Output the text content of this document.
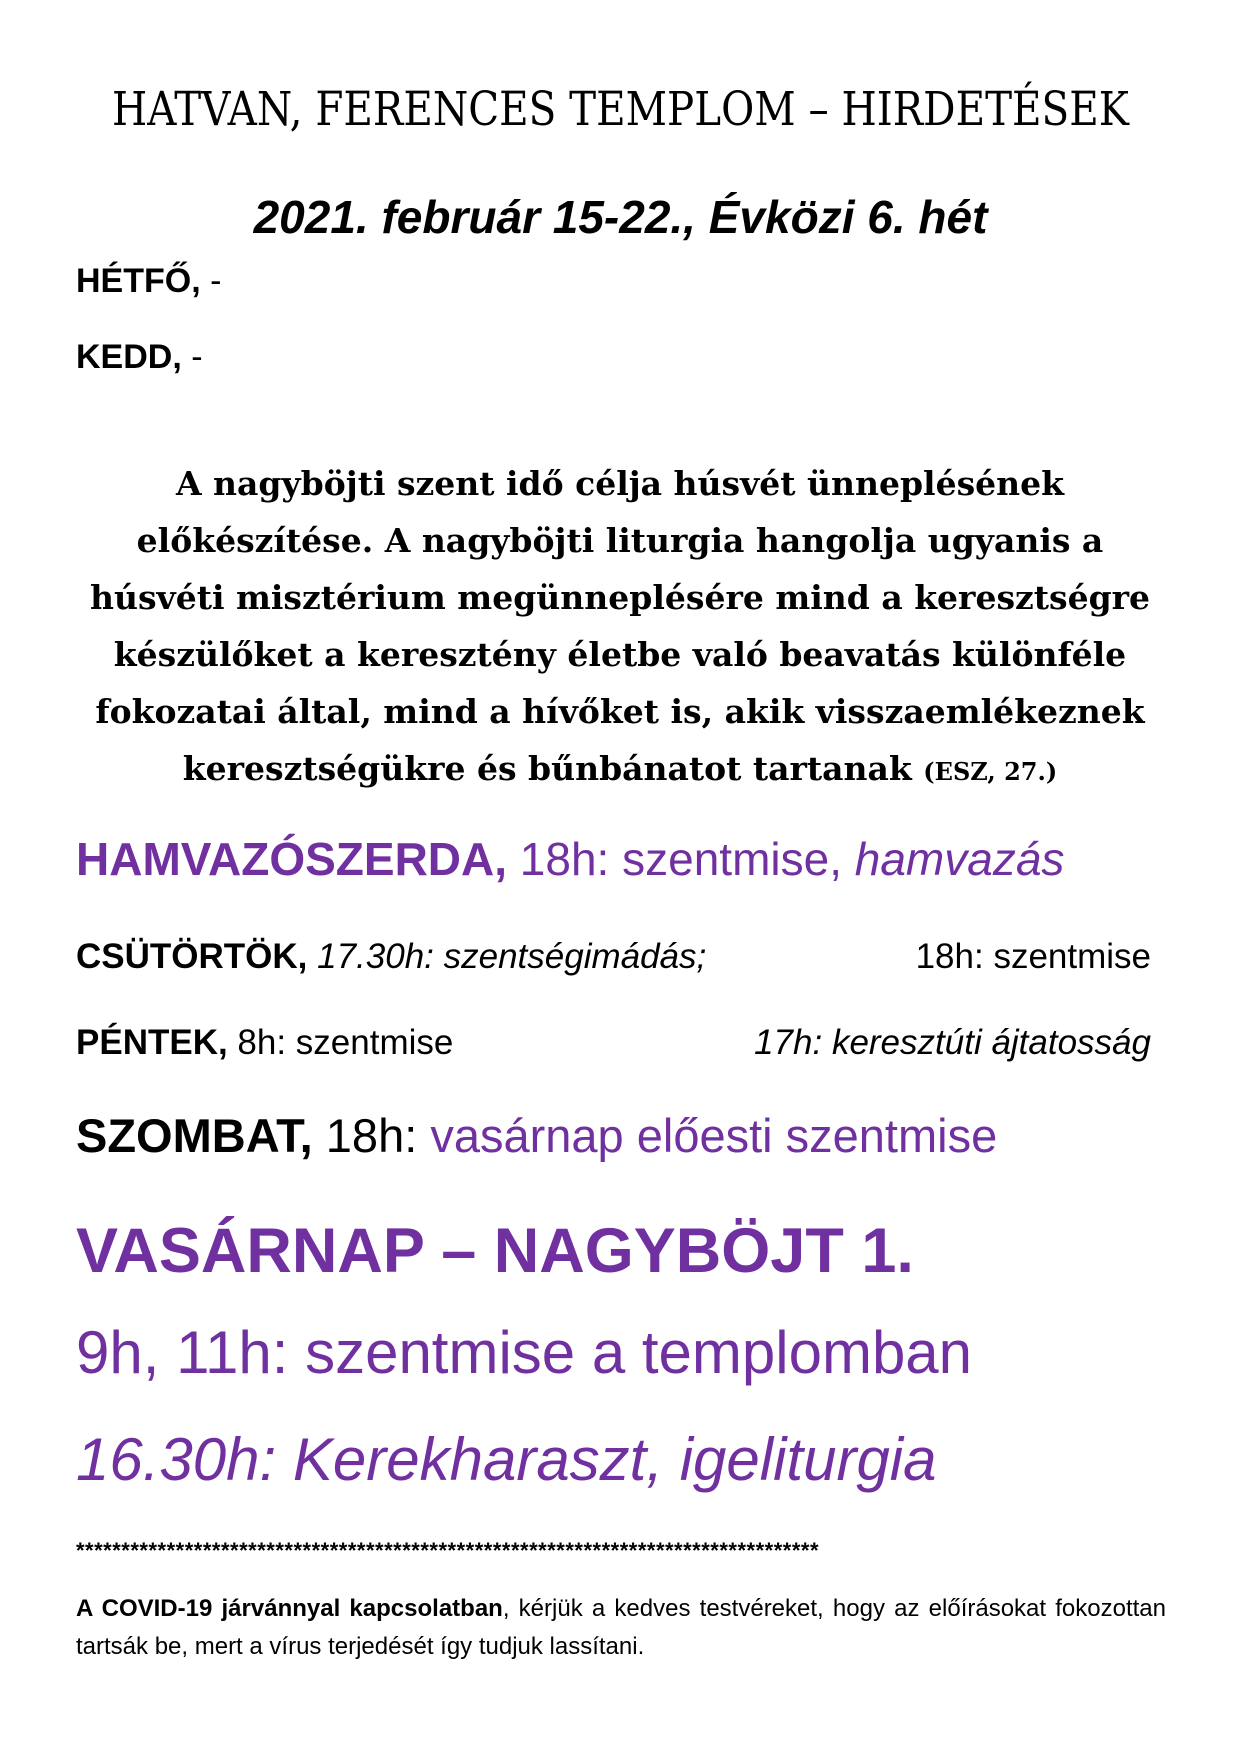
HATVAN, FERENCES TEMPLOM – HIRDETÉSEK
2021. február 15-22., Évközi 6. hét
HÉTFŐ, -
KEDD, -
A nagyböjti szent idő célja húsvét ünneplésének előkészítése. A nagyböjti liturgia hangolja ugyanis a húsvéti misztérium megünneplésére mind a keresztségre készülőket a keresztény életbe való beavatás különféle fokozatai által, mind a hívőket is, akik visszaemlékeznek keresztségükre és bűnbánatot tartanak (ESZ, 27.)
HAMVAZÓSZERDA, 18h: szentmise, hamvazás
CSÜTÖRTÖK, 17.30h: szentségimádás;	18h: szentmise
PÉNTEK, 8h: szentmise	17h: keresztúti ájtatosság
SZOMBAT, 18h: vasárnap előesti szentmise
VASÁRNAP – NAGYBÖJT 1.
9h, 11h: szentmise a templomban
16.30h: Kerekharaszt, igeliturgia
**********************************************************************************
A COVID-19 járvánnyal kapcsolatban, kérjük a kedves testvéreket, hogy az előírásokat fokozottan tartsák be, mert a vírus terjedését így tudjuk lassítani.
